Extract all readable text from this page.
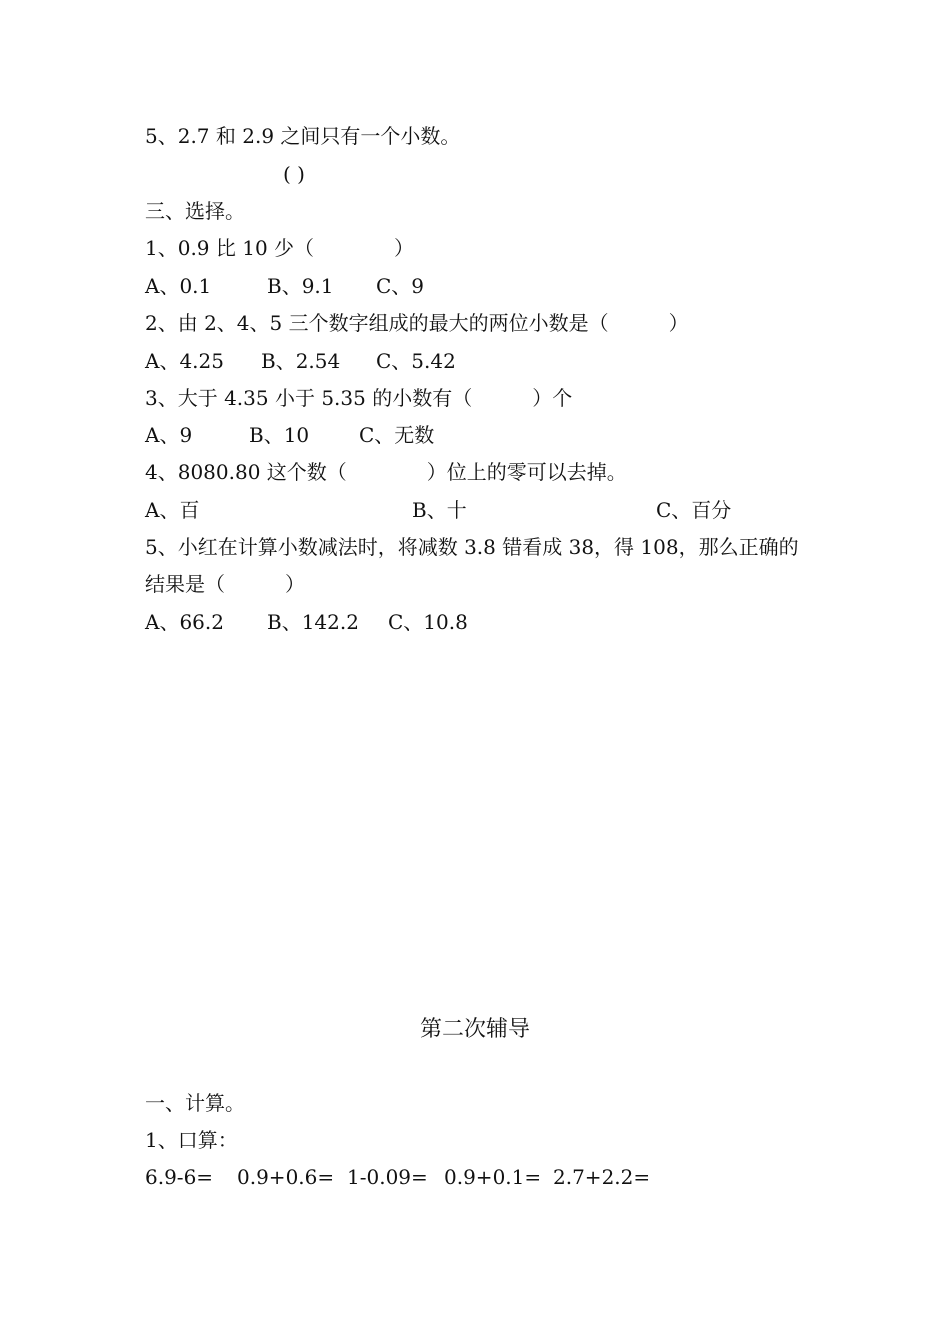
5、2.7 和 2.9 之间只有一个小数。
( )
三、选择。
1、0.9 比 10 少（　　　　）
A、0.1	B、9.1 C、9
2、由 2、4、5 三个数字组成的最大的两位小数是（　　　）
A、4.25 B、2.54 C、5.42
3、大于 4.35 小于 5.35 的小数有（　　　）个
A、9	B、10 C、无数
4、8080.80 这个数（　　　　）位上的零可以去掉。
A、百	B、十	C、百分
5、小红在计算小数减法时，将减数 3.8 错看成 38，得 108，那么正确的
结果是（　　　）
A、66.2 B、142.2 C、10.8
第二次辅导
一、计算。
1、口算：
6.9-6= 0.9+0.6= 1-0.09= 0.9+0.1= 2.7+2.2=
